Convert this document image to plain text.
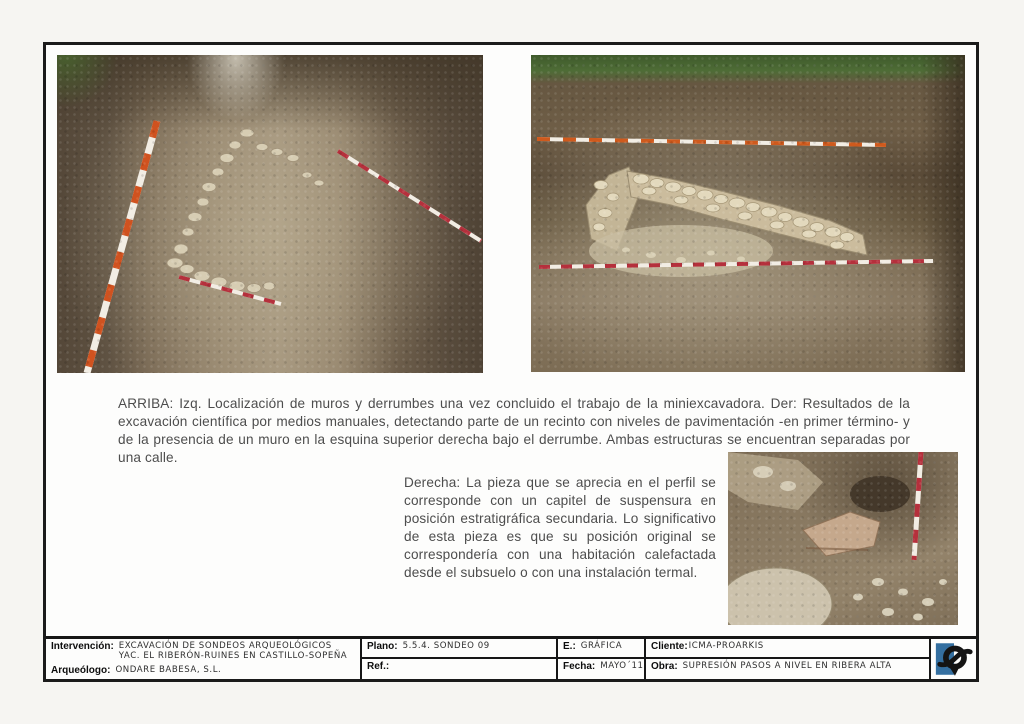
ARRIBA: Izq. Localización de muros y derrumbes una vez concluido el trabajo de la miniexcavadora. Der: Resultados de la excavación científica por medios manuales, detectando parte de un recinto con niveles de pavimentación -en primer término- y de la presencia de un muro en la esquina superior derecha bajo el derrumbe. Ambas estructuras se encuentran separadas por una calle.

Derecha: La pieza que se aprecia en el perfil se corresponde con un capitel de suspensura en posición estratigráfica secundaria. Lo significativo de esta pieza es que su posición original se correspondería con una habitación calefactada desde el subsuelo o con una instalación termal.

Intervención: EXCAVACIÓN DE SONDEOS ARQUEOLÓGICOS
YAC. EL RIBERÓN-RUINES EN CASTILLO-SOPEÑA
Arqueólogo: ONDARE BABESA, S.L.
Plano: 5.5.4. SONDEO 09	E.: GRÁFICA	Cliente: ICMA-PROARKIS
Ref.:	Fecha: MAYO´11 Obra: SUPRESIÓN PASOS A NIVEL EN RIBERA ALTA
